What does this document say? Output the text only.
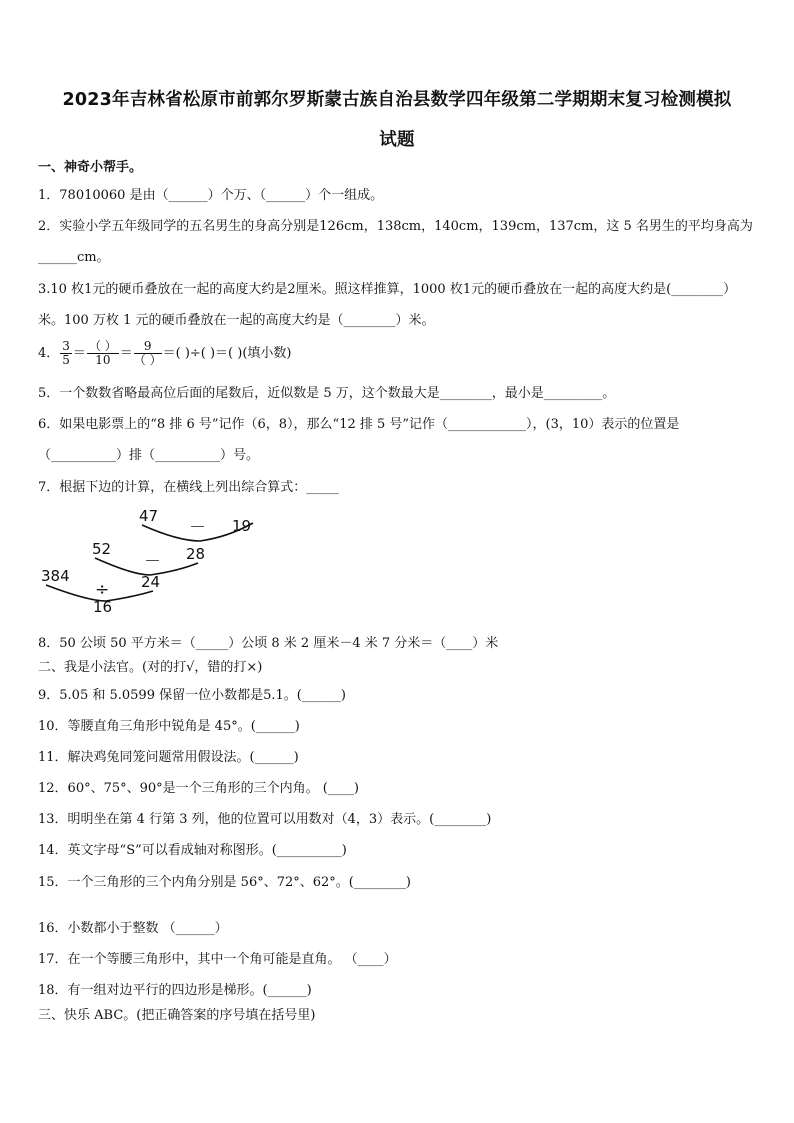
2023年吉林省松原市前郭尔罗斯蒙古族自治县数学四年级第二学期期末复习检测模拟
试题
一、神奇小帮手。
1．78010060 是由（______）个万、（______）个一组成。
2．实验小学五年级同学的五名男生的身高分别是126cm，138cm，140cm，139cm，137cm，这 5 名男生的平均身高为
______cm。
3.10 枚1元的硬币叠放在一起的高度大约是2厘米。照这样推算，1000 枚1元的硬币叠放在一起的高度大约是(________）
米。100 万枚 1 元的硬币叠放在一起的高度大约是（________）米。
4． $\frac{3}{5} = \frac{( )}{10} = \frac{9}{( )}$ ＝( )÷( )＝( )(填小数)
5．一个数数省略最高位后面的尾数后，近似数是 5 万，这个数最大是________，最小是_________。
6．如果电影票上的“8 排 6 号”记作（6，8），那么“12 排 5 号”记作（____________），(3，10）表示的位置是
（__________）排（__________）号。
7．根据下边的计算，在横线上列出综合算式：_____
47
－ 19
52
－ 28
384
÷ 24
16
8．50 公顷 50 平方米＝（_____）公顷 8 米 2 厘米－4 米 7 分米＝（____）米
二、我是小法官。(对的打√，错的打×)
9．5.05 和 5.0599 保留一位小数都是5.1。(______)
10．等腰直角三角形中锐角是 45°。(______)
11．解决鸡兔同笼问题常用假设法。(______)
12．60°、75°、90°是一个三角形的三个内角。 (____)
13．明明坐在第 4 行第 3 列，他的位置可以用数对（4，3）表示。(________)
14．英文字母“S”可以看成轴对称图形。(__________)
15．一个三角形的三个内角分别是 56°、72°、62°。(________)
16．小数都小于整数 （______）
17．在一个等腰三角形中，其中一个角可能是直角。 （____）
18．有一组对边平行的四边形是梯形。(______)
三、快乐 ABC。(把正确答案的序号填在括号里)
